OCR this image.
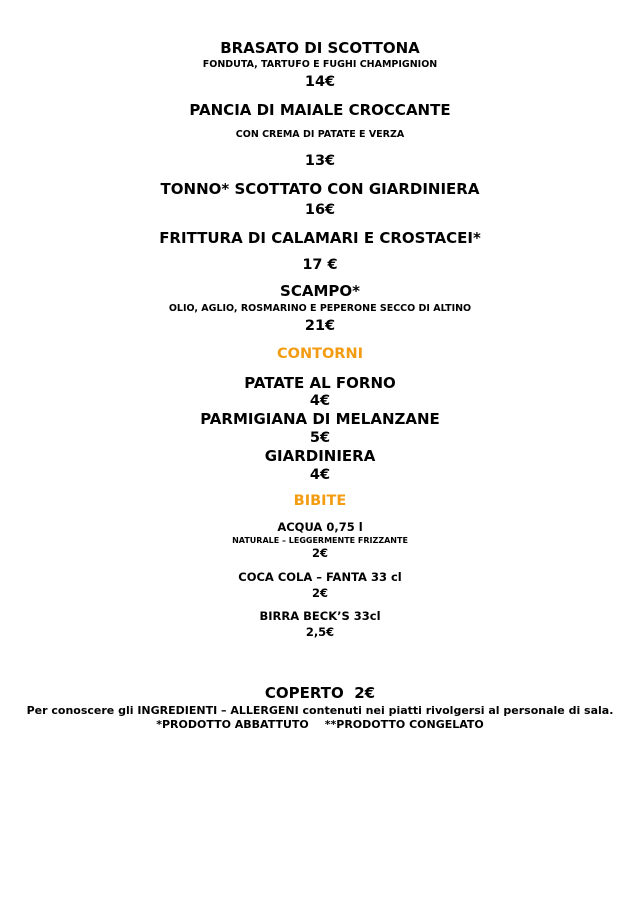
BRASATO DI SCOTTONA
FONDUTA, TARTUFO E FUGHI CHAMPIGNION
14€
PANCIA DI MAIALE CROCCANTE
CON CREMA DI PATATE E VERZA
13€
TONNO* SCOTTATO CON GIARDINIERA
16€
FRITTURA DI CALAMARI E CROSTACEI*
17 €
SCAMPO*
OLIO, AGLIO, ROSMARINO E PEPERONE SECCO DI ALTINO
21€
CONTORNI
PATATE AL FORNO
4€
PARMIGIANA DI MELANZANE
5€
GIARDINIERA
4€
BIBITE
ACQUA 0,75 l
NATURALE – LEGGERMENTE FRIZZANTE
2€
COCA COLA – FANTA 33 cl
2€
BIRRA BECK’S 33cl
2,5€
COPERTO  2€
Per conoscere gli INGREDIENTI – ALLERGENI contenuti nei piatti rivolgersi al personale di sala.
*PRODOTTO ABBATTUTO **PRODOTTO CONGELATO
